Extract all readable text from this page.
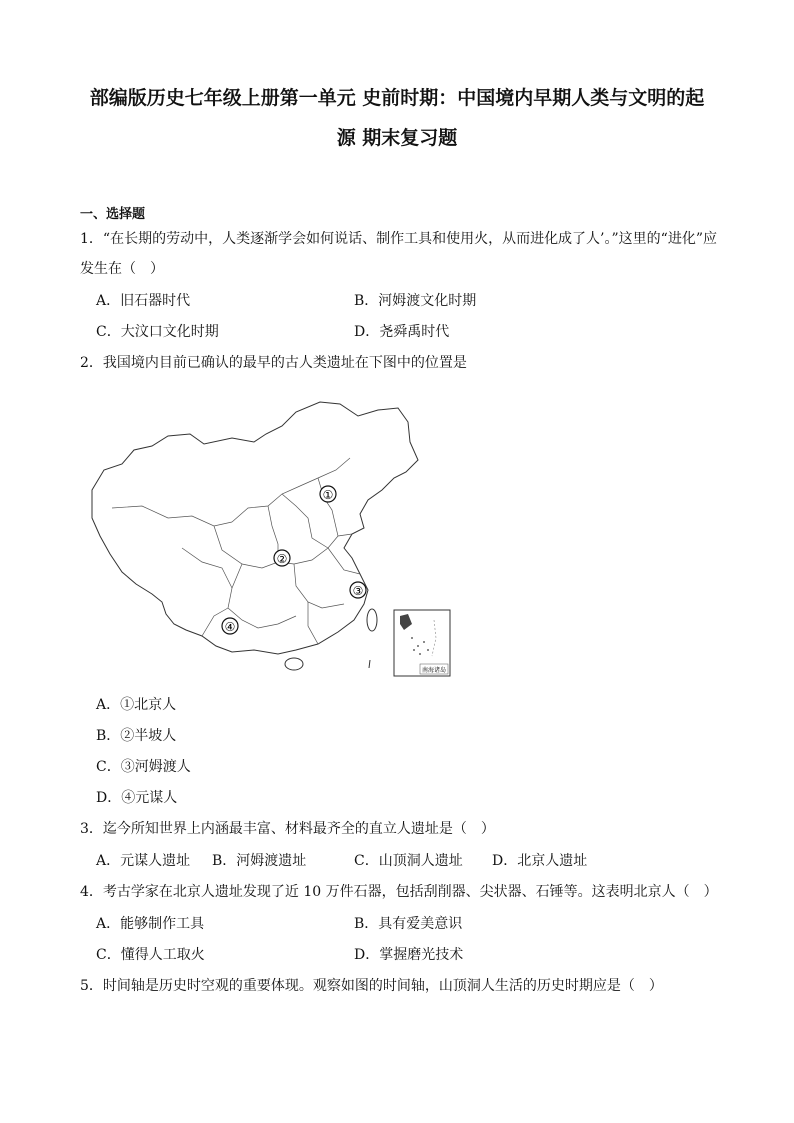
部编版历史七年级上册第一单元 史前时期：中国境内早期人类与文明的起
源 期末复习题
一、选择题
1．“在长期的劳动中，人类逐渐学会如何说话、制作工具和使用火，从而进化成了人’。”这里的“进化”应
发生在（　）
A．旧石器时代	B．河姆渡文化时期
C．大汶口文化时期	D．尧舜禹时代
2．我国境内目前已确认的最早的古人类遗址在下图中的位置是
①
②
③
④
南海诸岛
A．①北京人
B．②半坡人
C．③河姆渡人
D．④元谋人
3．迄今所知世界上内涵最丰富、材料最齐全的直立人遗址是（　）
A．元谋人遗址 B．河姆渡遗址	C．山顶洞人遗址 D．北京人遗址
4．考古学家在北京人遗址发现了近 10 万件石器，包括刮削器、尖状器、石锤等。这表明北京人（　）
A．能够制作工具	B．具有爱美意识
C．懂得人工取火	D．掌握磨光技术
5．时间轴是历史时空观的重要体现。观察如图的时间轴，山顶洞人生活的历史时期应是（　）
